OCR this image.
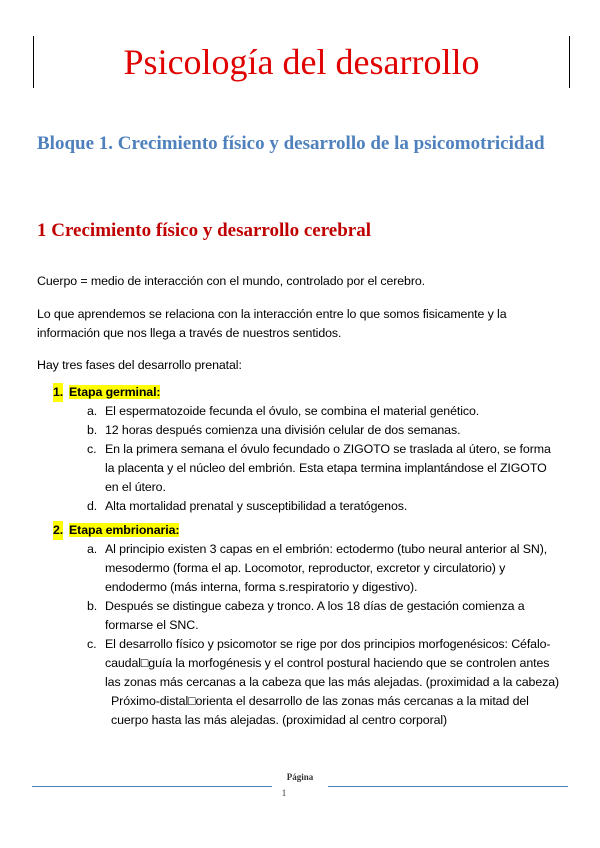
Psicología del desarrollo
Bloque 1. Crecimiento físico y desarrollo de la psicomotricidad
1 Crecimiento físico y desarrollo cerebral

Cuerpo = medio de interacción con el mundo, controlado por el cerebro.

Lo que aprendemos se relaciona con la interacción entre lo que somos fisicamente y la información que nos llega a través de nuestros sentidos.

Hay tres fases del desarrollo prenatal:

1. Etapa germinal:
a. El espermatozoide fecunda el óvulo, se combina el material genético.
b. 12 horas después comienza una división celular de dos semanas.
c. En la primera semana el óvulo fecundado o ZIGOTO se traslada al útero, se forma la placenta y el núcleo del embrión. Esta etapa termina implantándose el ZIGOTO en el útero.
d. Alta mortalidad prenatal y susceptibilidad a teratógenos.
2. Etapa embrionaria:
a. Al principio existen 3 capas en el embrión: ectodermo (tubo neural anterior al SN), mesodermo (forma el ap. Locomotor, reproductor, excretor y circulatorio) y endodermo (más interna, forma s.respiratorio y digestivo).
b. Después se distingue cabeza y tronco. A los 18 días de gestación comienza a formarse el SNC.
c. El desarrollo físico y psicomotor se rige por dos principios morfogenésicos: Céfalo-caudal□guía la morfogénesis y el control postural haciendo que se controlen antes las zonas más cercanas a la cabeza que las más alejadas. (proximidad a la cabeza)
Próximo-distal□orienta el desarrollo de las zonas más cercanas a la mitad del cuerpo hasta las más alejadas. (proximidad al centro corporal)
Página
1
